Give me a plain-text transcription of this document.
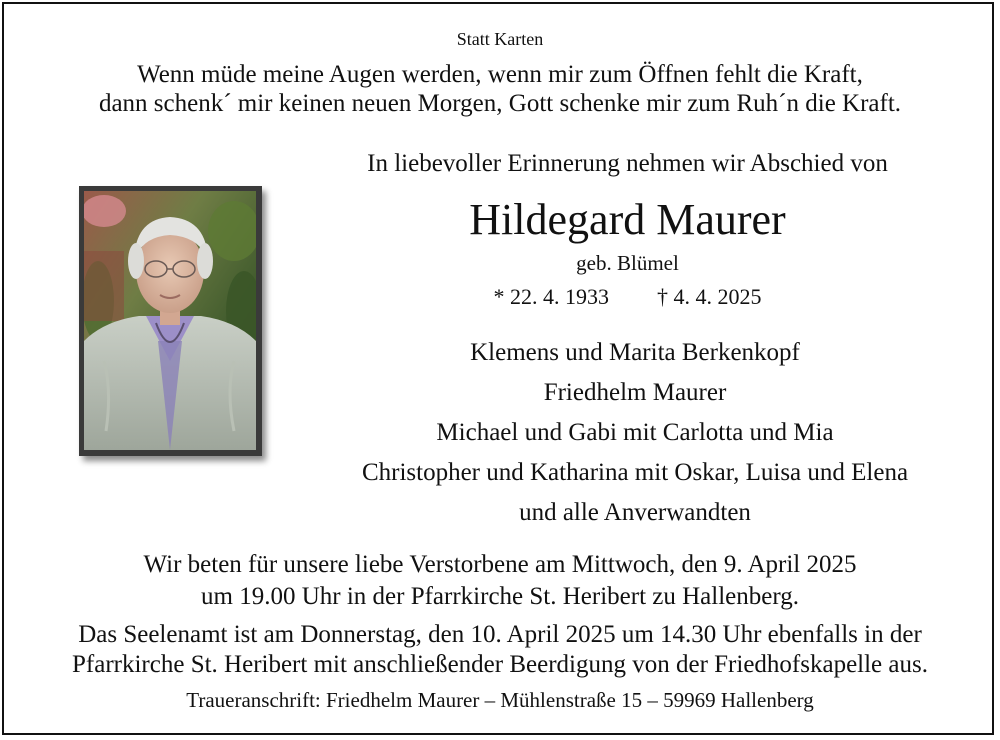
Statt Karten
Wenn müde meine Augen werden, wenn mir zum Öffnen fehlt die Kraft,
dann schenk´ mir keinen neuen Morgen, Gott schenke mir zum Ruh´n die Kraft.
In liebevoller Erinnerung nehmen wir Abschied von
Hildegard Maurer
geb. Blümel
* 22. 4. 1933 † 4. 4. 2025
Klemens und Marita Berkenkopf
Friedhelm Maurer
Michael und Gabi mit Carlotta und Mia
Christopher und Katharina mit Oskar, Luisa und Elena
und alle Anverwandten
Wir beten für unsere liebe Verstorbene am Mittwoch, den 9. April 2025
um 19.00 Uhr in der Pfarrkirche St. Heribert zu Hallenberg.
Das Seelenamt ist am Donnerstag, den 10. April 2025 um 14.30 Uhr ebenfalls in der
Pfarrkirche St. Heribert mit anschließender Beerdigung von der Friedhofskapelle aus.
Traueranschrift: Friedhelm Maurer – Mühlenstraße 15 – 59969 Hallenberg
